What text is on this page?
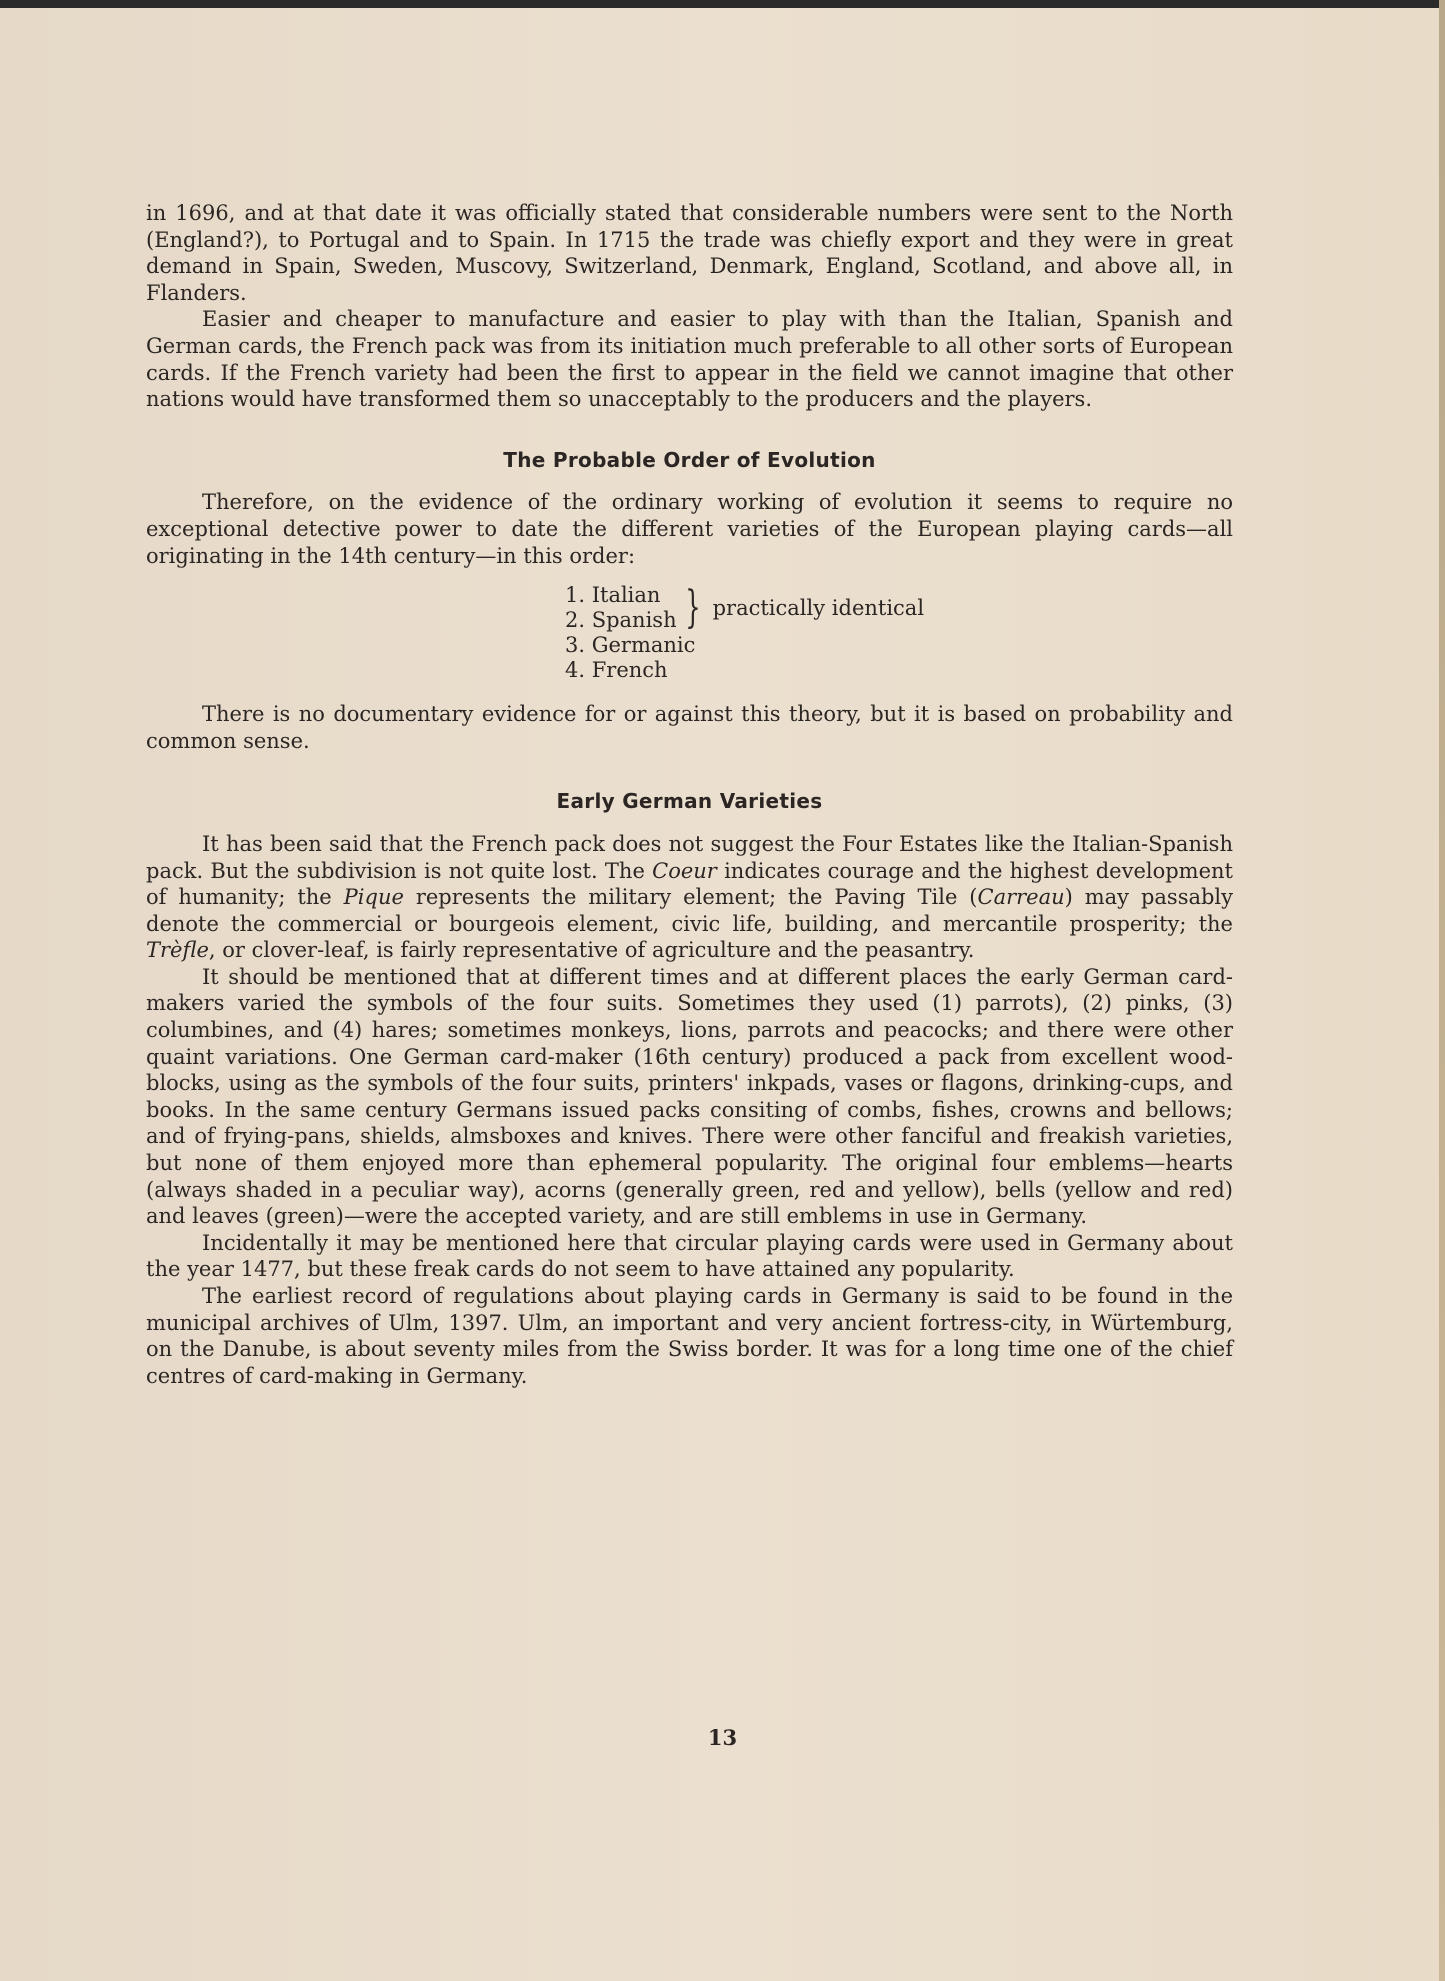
in 1696, and at that date it was officially stated that considerable numbers were sent to the North (England?), to Portugal and to Spain. In 1715 the trade was chiefly export and they were in great demand in Spain, Sweden, Muscovy, Switzerland, Denmark, England, Scotland, and above all, in Flanders.

Easier and cheaper to manufacture and easier to play with than the Italian, Spanish and German cards, the French pack was from its initiation much preferable to all other sorts of European cards. If the French variety had been the first to appear in the field we cannot imagine that other nations would have transformed them so unacceptably to the producers and the players.

The Probable Order of Evolution

Therefore, on the evidence of the ordinary working of evolution it seems to require no exceptional detective power to date the different varieties of the European playing cards—all originating in the 14th century—in this order:

1. Italian
2. Spanish } practically identical
3. Germanic
4. French

There is no documentary evidence for or against this theory, but it is based on probability and common sense.

Early German Varieties

It has been said that the French pack does not suggest the Four Estates like the Italian-Spanish pack. But the subdivision is not quite lost. The Coeur indicates courage and the highest development of humanity; the Pique represents the military element; the Paving Tile (Carreau) may passably denote the commercial or bourgeois element, civic life, building, and mercantile prosperity; the Trèfle, or clover-leaf, is fairly representative of agriculture and the peasantry.

It should be mentioned that at different times and at different places the early German card-makers varied the symbols of the four suits. Sometimes they used (1) parrots), (2) pinks, (3) columbines, and (4) hares; sometimes monkeys, lions, parrots and peacocks; and there were other quaint variations. One German card-maker (16th century) produced a pack from excellent wood-blocks, using as the symbols of the four suits, printers' inkpads, vases or flagons, drinking-cups, and books. In the same century Germans issued packs consiting of combs, fishes, crowns and bellows; and of frying-pans, shields, almsboxes and knives. There were other fanciful and freakish varieties, but none of them enjoyed more than ephemeral popularity. The original four emblems—hearts (always shaded in a peculiar way), acorns (generally green, red and yellow), bells (yellow and red) and leaves (green)—were the accepted variety, and are still emblems in use in Germany.

Incidentally it may be mentioned here that circular playing cards were used in Germany about the year 1477, but these freak cards do not seem to have attained any popularity.

The earliest record of regulations about playing cards in Germany is said to be found in the municipal archives of Ulm, 1397. Ulm, an important and very ancient fortress-city, in Würtemburg, on the Danube, is about seventy miles from the Swiss border. It was for a long time one of the chief centres of card-making in Germany.

13
